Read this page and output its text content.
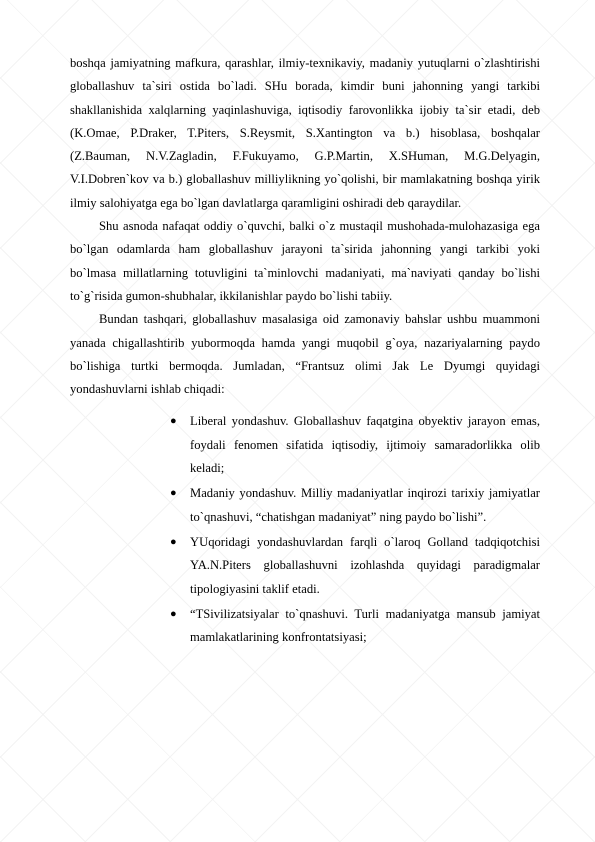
boshqa jamiyatning mafkura, qarashlar, ilmiy-texnikaviy, madaniy yutuqlarni o`zlashtirishi globallashuv ta`siri ostida bo`ladi. SHu borada, kimdir buni jahonning yangi tarkibi shakllanishida xalqlarning yaqinlashuviga, iqtisodiy farovonlikka ijobiy ta`sir etadi, deb (K.Omae, P.Draker, T.Piters, S.Reysmit, S.Xantington va b.) hisoblasa, boshqalar (Z.Bauman, N.V.Zagladin, F.Fukuyamo, G.P.Martin, X.SHuman, M.G.Delyagin, V.I.Dobren`kov va b.) globallashuv milliylikning yo`qolishi, bir mamlakatning boshqa yirik ilmiy salohiyatga ega bo`lgan davlatlarga qaramligini oshiradi deb qaraydilar.

Shu asnoda nafaqat oddiy o`quvchi, balki o`z mustaqil mushohada-mulohazasiga ega bo`lgan odamlarda ham globallashuv jarayoni ta`sirida jahonning yangi tarkibi yoki bo`lmasa millatlarning totuvligini ta`minlovchi madaniyati, ma`naviyati qanday bo`lishi to`g`risida gumon-shubhalar, ikkilanishlar paydo bo`lishi tabiiy.

Bundan tashqari, globallashuv masalasiga oid zamonaviy bahslar ushbu muammoni yanada chigallashtirib yubormoqda hamda yangi muqobil g`oya, nazariyalarning paydo bo`lishiga turtki bermoqda. Jumladan, “Frantsuz olimi Jak Le Dyumgi quyidagi yondashuvlarni ishlab chiqadi:

● Liberal yondashuv. Globallashuv faqatgina obyektiv jarayon emas, foydali fenomen sifatida iqtisodiy, ijtimoiy samaradorlikka olib keladi;
● Madaniy yondashuv. Milliy madaniyatlar inqirozi tarixiy jamiyatlar to`qnashuvi, “chatishgan madaniyat” ning paydo bo`lishi”.
● YUqoridagi yondashuvlardan farqli o`laroq Golland tadqiqotchisi YA.N.Piters globallashuvni izohlashda quyidagi paradigmalar tipologiyasini taklif etadi.
● “TSivilizatsiyalar to`qnashuvi. Turli madaniyatga mansub jamiyat mamlakatlarining konfrontatsiyasi;
